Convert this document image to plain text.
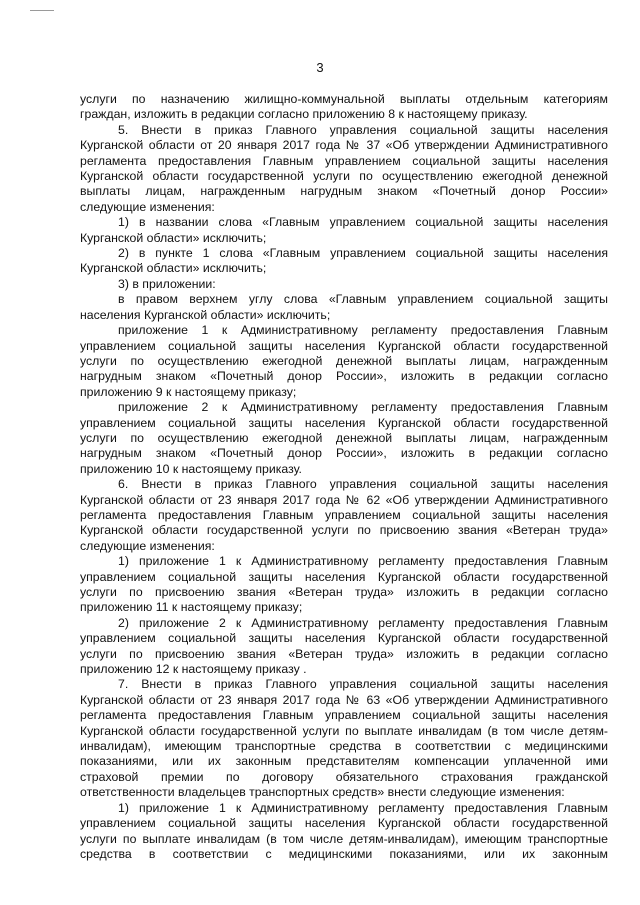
3

услуги по назначению жилищно-коммунальной выплаты отдельным категориям

граждан, изложить в редакции согласно приложению 8 к настоящему приказу.

5. Внести в приказ Главного управления социальной защиты населения

Курганской области от 20 января 2017 года № 37 «Об утверждении Административного

регламента предоставления Главным управлением социальной защиты населения

Курганской области государственной услуги по осуществлению ежегодной денежной

выплаты лицам, награжденным нагрудным знаком «Почетный донор России»

следующие изменения:

1) в названии слова «Главным управлением социальной защиты населения

Курганской области» исключить;

2) в пункте 1 слова «Главным управлением социальной защиты населения

Курганской области» исключить;

3) в приложении:

в правом верхнем углу слова «Главным управлением социальной защиты

населения Курганской области» исключить;

приложение 1 к Административному регламенту предоставления Главным

управлением социальной защиты населения Курганской области государственной

услуги по осуществлению ежегодной денежной выплаты лицам, награжденным

нагрудным знаком «Почетный донор России», изложить в редакции согласно

приложению 9 к настоящему приказу;

приложение 2 к Административному регламенту предоставления Главным

управлением социальной защиты населения Курганской области государственной

услуги по осуществлению ежегодной денежной выплаты лицам, награжденным

нагрудным знаком «Почетный донор России», изложить в редакции согласно

приложению 10 к настоящему приказу.

6. Внести в приказ Главного управления социальной защиты населения

Курганской области от 23 января 2017 года № 62 «Об утверждении Административного

регламента предоставления Главным управлением социальной защиты населения

Курганской области государственной услуги по присвоению звания «Ветеран труда»

следующие изменения:

1) приложение 1 к Административному регламенту предоставления Главным

управлением социальной защиты населения Курганской области государственной

услуги по присвоению звания «Ветеран труда» изложить в редакции согласно

приложению 11 к настоящему приказу;

2) приложение 2 к Административному регламенту предоставления Главным

управлением социальной защиты населения Курганской области государственной

услуги по присвоению звания «Ветеран труда» изложить в редакции согласно

приложению 12 к настоящему приказу .

7. Внести в приказ Главного управления социальной защиты населения

Курганской области от 23 января 2017 года № 63 «Об утверждении Административного

регламента предоставления Главным управлением социальной защиты населения

Курганской области государственной услуги по выплате инвалидам (в том числе детям-

инвалидам), имеющим транспортные средства в соответствии с медицинскими

показаниями, или их законным представителям компенсации уплаченной ими

страховой премии по договору обязательного страхования гражданской

ответственности владельцев транспортных средств» внести следующие изменения:

1) приложение 1 к Административному регламенту предоставления Главным

управлением социальной защиты населения Курганской области государственной

услуги по выплате инвалидам (в том числе детям-инвалидам), имеющим транспортные

средства в соответствии с медицинскими показаниями, или их законным
